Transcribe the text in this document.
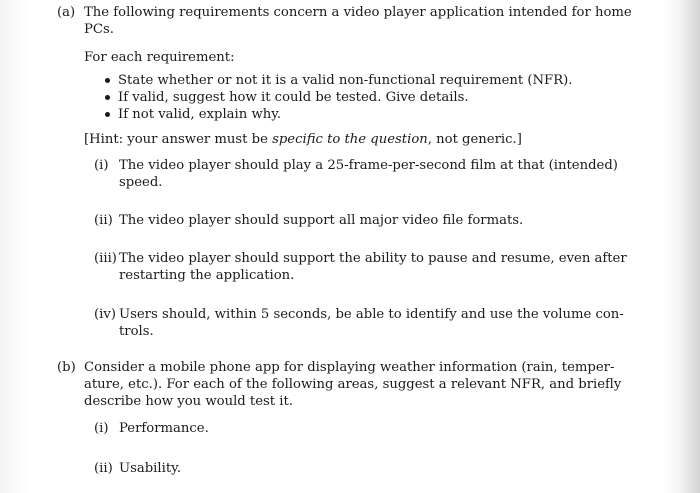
(a) The following requirements concern a video player application intended for home
PCs.
For each requirement:
State whether or not it is a valid non-functional requirement (NFR).
If valid, suggest how it could be tested. Give details.
If not valid, explain why.
[Hint: your answer must be specific to the question, not generic.]
(i) The video player should play a 25-frame-per-second film at that (intended)
speed.
(ii) The video player should support all major video file formats.
(iii) The video player should support the ability to pause and resume, even after
restarting the application.
(iv) Users should, within 5 seconds, be able to identify and use the volume con-
trols.
(b) Consider a mobile phone app for displaying weather information (rain, temper-
ature, etc.). For each of the following areas, suggest a relevant NFR, and briefly
describe how you would test it.
(i) Performance.
(ii) Usability.
